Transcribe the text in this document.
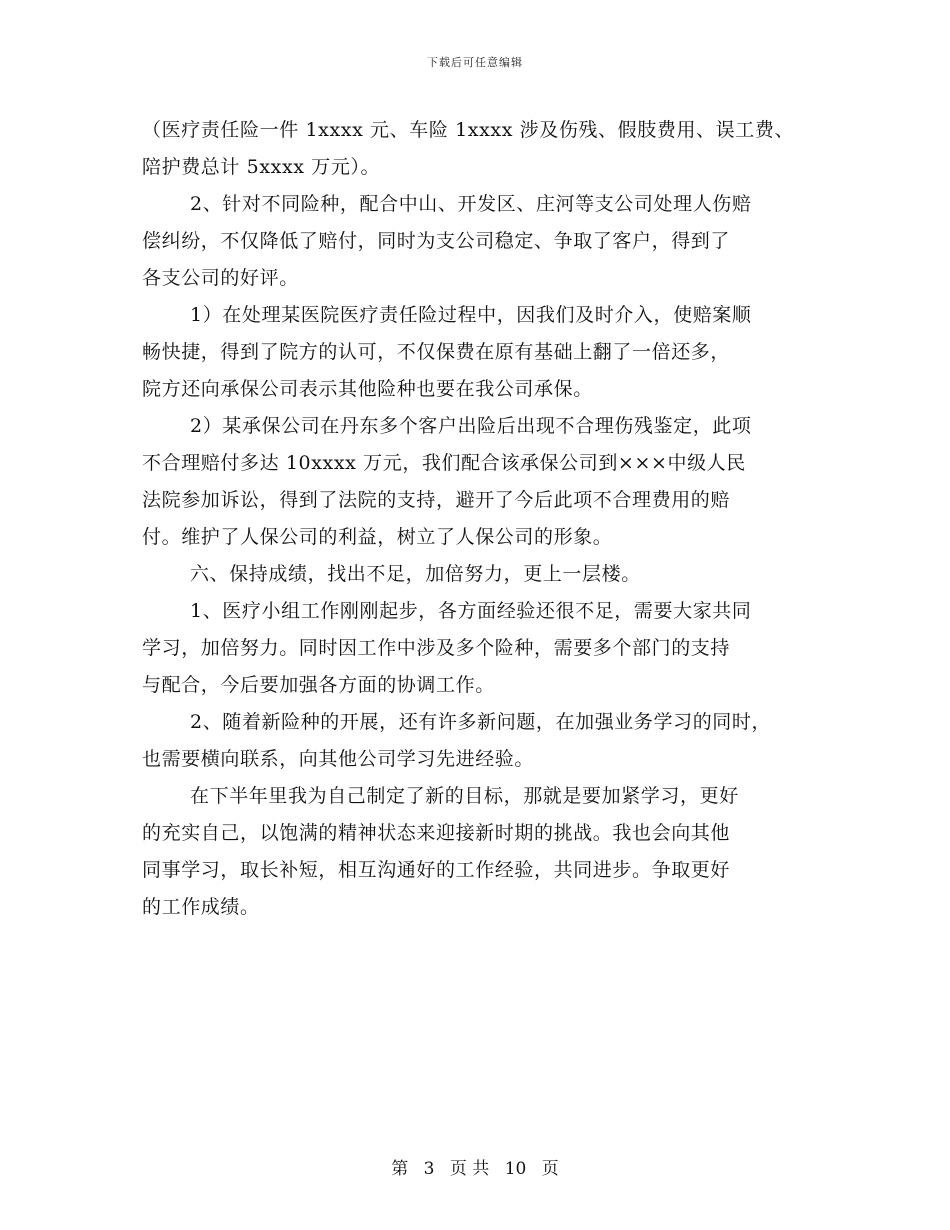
下载后可任意编辑
（医疗责任险一件 1xxxx 元、车险 1xxxx 涉及伤残、假肢费用、误工费、
陪护费总计 5xxxx 万元）。
2、针对不同险种，配合中山、开发区、庄河等支公司处理人伤赔
偿纠纷，不仅降低了赔付，同时为支公司稳定、争取了客户，得到了
各支公司的好评。
1）在处理某医院医疗责任险过程中，因我们及时介入，使赔案顺
畅快捷，得到了院方的认可，不仅保费在原有基础上翻了一倍还多，
院方还向承保公司表示其他险种也要在我公司承保。
2）某承保公司在丹东多个客户出险后出现不合理伤残鉴定，此项
不合理赔付多达 10xxxx 万元，我们配合该承保公司到×××中级人民
法院参加诉讼，得到了法院的支持，避开了今后此项不合理费用的赔
付。维护了人保公司的利益，树立了人保公司的形象。
六、保持成绩，找出不足，加倍努力，更上一层楼。
1、医疗小组工作刚刚起步，各方面经验还很不足，需要大家共同
学习，加倍努力。同时因工作中涉及多个险种，需要多个部门的支持
与配合，今后要加强各方面的协调工作。
2、随着新险种的开展，还有许多新问题，在加强业务学习的同时，
也需要横向联系，向其他公司学习先进经验。
在下半年里我为自己制定了新的目标，那就是要加紧学习，更好
的充实自己，以饱满的精神状态来迎接新时期的挑战。我也会向其他
同事学习，取长补短，相互沟通好的工作经验，共同进步。争取更好
的工作成绩。
第 3 页 共 10 页
